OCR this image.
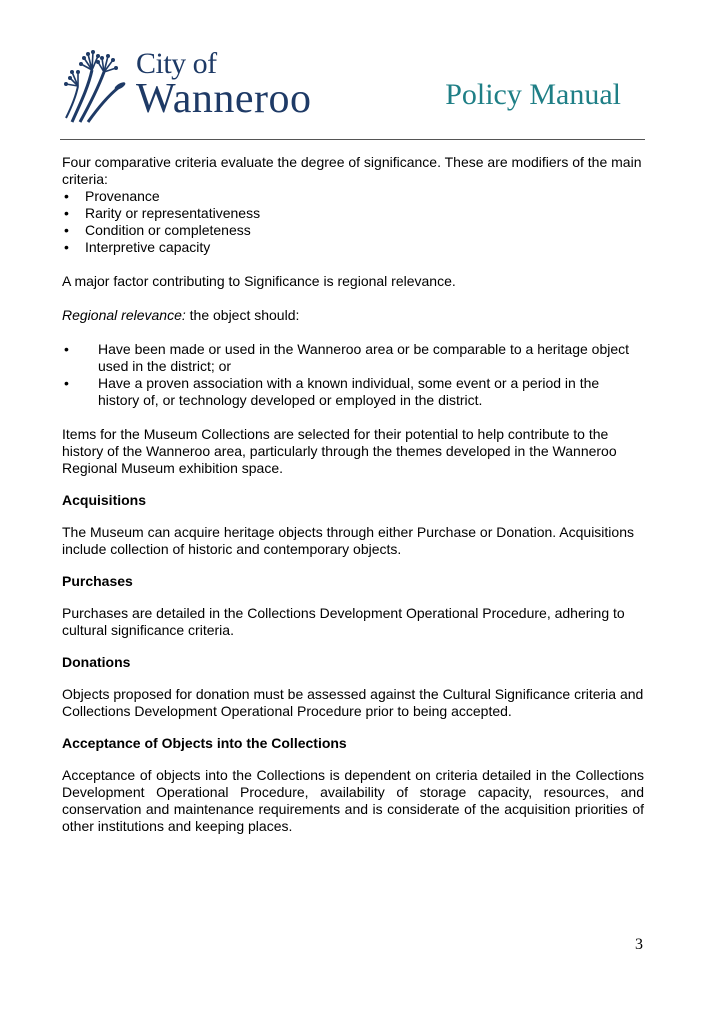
City of
Wanneroo	Policy Manual

Four comparative criteria evaluate the degree of significance. These are modifiers of the main criteria:

• Provenance
• Rarity or representativeness
• Condition or completeness
• Interpretive capacity

A major factor contributing to Significance is regional relevance.

Regional relevance: the object should:

• Have been made or used in the Wanneroo area or be comparable to a heritage object used in the district; or
• Have a proven association with a known individual, some event or a period in the history of, or technology developed or employed in the district.

Items for the Museum Collections are selected for their potential to help contribute to the history of the Wanneroo area, particularly through the themes developed in the Wanneroo Regional Museum exhibition space.

Acquisitions

The Museum can acquire heritage objects through either Purchase or Donation. Acquisitions include collection of historic and contemporary objects.

Purchases

Purchases are detailed in the Collections Development Operational Procedure, adhering to cultural significance criteria.

Donations

Objects proposed for donation must be assessed against the Cultural Significance criteria and Collections Development Operational Procedure prior to being accepted.

Acceptance of Objects into the Collections

Acceptance of objects into the Collections is dependent on criteria detailed in the Collections Development Operational Procedure, availability of storage capacity, resources, and conservation and maintenance requirements and is considerate of the acquisition priorities of other institutions and keeping places.

3
